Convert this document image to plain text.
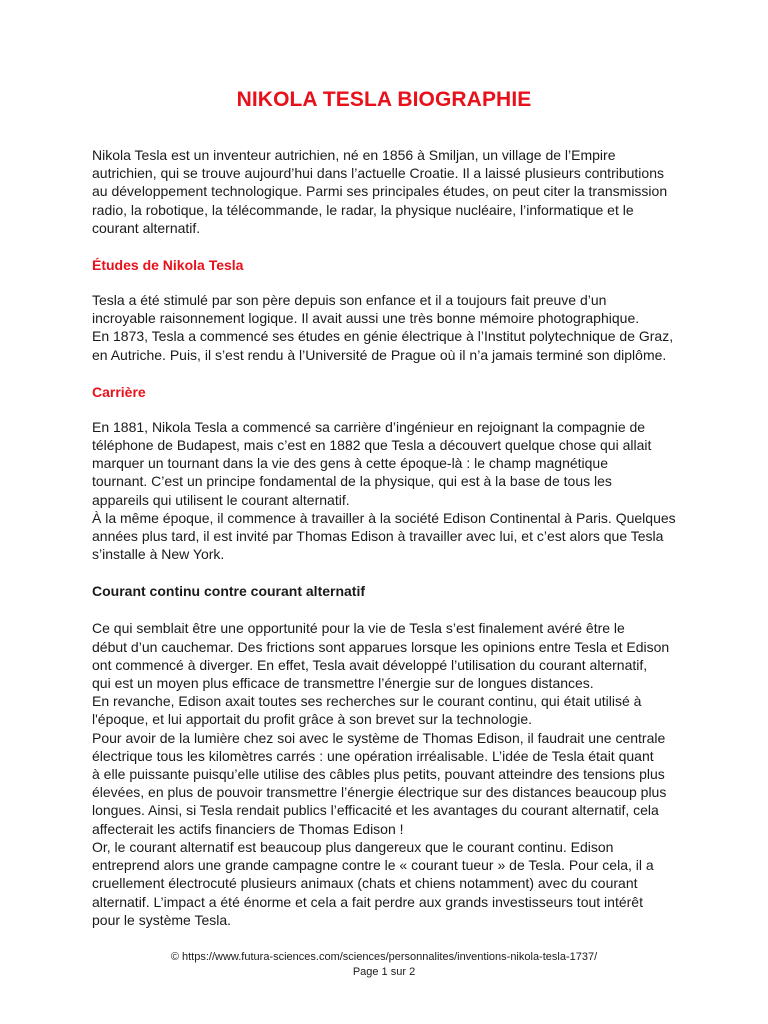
NIKOLA TESLA BIOGRAPHIE

Nikola Tesla est un inventeur autrichien, né en 1856 à Smiljan, un village de l’Empire
autrichien, qui se trouve aujourd’hui dans l’actuelle Croatie. Il a laissé plusieurs contributions
au développement technologique. Parmi ses principales études, on peut citer la transmission
radio, la robotique, la télécommande, le radar, la physique nucléaire, l’informatique et le
courant alternatif.

Études de Nikola Tesla

Tesla a été stimulé par son père depuis son enfance et il a toujours fait preuve d’un
incroyable raisonnement logique. Il avait aussi une très bonne mémoire photographique.
En 1873, Tesla a commencé ses études en génie électrique à l’Institut polytechnique de Graz,
en Autriche. Puis, il s’est rendu à l’Université de Prague où il n’a jamais terminé son diplôme.

Carrière

En 1881, Nikola Tesla a commencé sa carrière d’ingénieur en rejoignant la compagnie de
téléphone de Budapest, mais c’est en 1882 que Tesla a découvert quelque chose qui allait
marquer un tournant dans la vie des gens à cette époque-là : le champ magnétique
tournant. C’est un principe fondamental de la physique, qui est à la base de tous les
appareils qui utilisent le courant alternatif.
À la même époque, il commence à travailler à la société Edison Continental à Paris. Quelques
années plus tard, il est invité par Thomas Edison à travailler avec lui, et c’est alors que Tesla
s’installe à New York.

Courant continu contre courant alternatif

Ce qui semblait être une opportunité pour la vie de Tesla s’est finalement avéré être le
début d’un cauchemar. Des frictions sont apparues lorsque les opinions entre Tesla et Edison
ont commencé à diverger. En effet, Tesla avait développé l’utilisation du courant alternatif,
qui est un moyen plus efficace de transmettre l’énergie sur de longues distances.
En revanche, Edison axait toutes ses recherches sur le courant continu, qui était utilisé à
l'époque, et lui apportait du profit grâce à son brevet sur la technologie.
Pour avoir de la lumière chez soi avec le système de Thomas Edison, il faudrait une centrale
électrique tous les kilomètres carrés : une opération irréalisable. L’idée de Tesla était quant
à elle puissante puisqu’elle utilise des câbles plus petits, pouvant atteindre des tensions plus
élevées, en plus de pouvoir transmettre l’énergie électrique sur des distances beaucoup plus
longues. Ainsi, si Tesla rendait publics l’efficacité et les avantages du courant alternatif, cela
affecterait les actifs financiers de Thomas Edison !
Or, le courant alternatif est beaucoup plus dangereux que le courant continu. Edison
entreprend alors une grande campagne contre le « courant tueur » de Tesla. Pour cela, il a
cruellement électrocuté plusieurs animaux (chats et chiens notamment) avec du courant
alternatif. L’impact a été énorme et cela a fait perdre aux grands investisseurs tout intérêt
pour le système Tesla.

© https://www.futura-sciences.com/sciences/personnalites/inventions-nikola-tesla-1737/
Page 1 sur 2
